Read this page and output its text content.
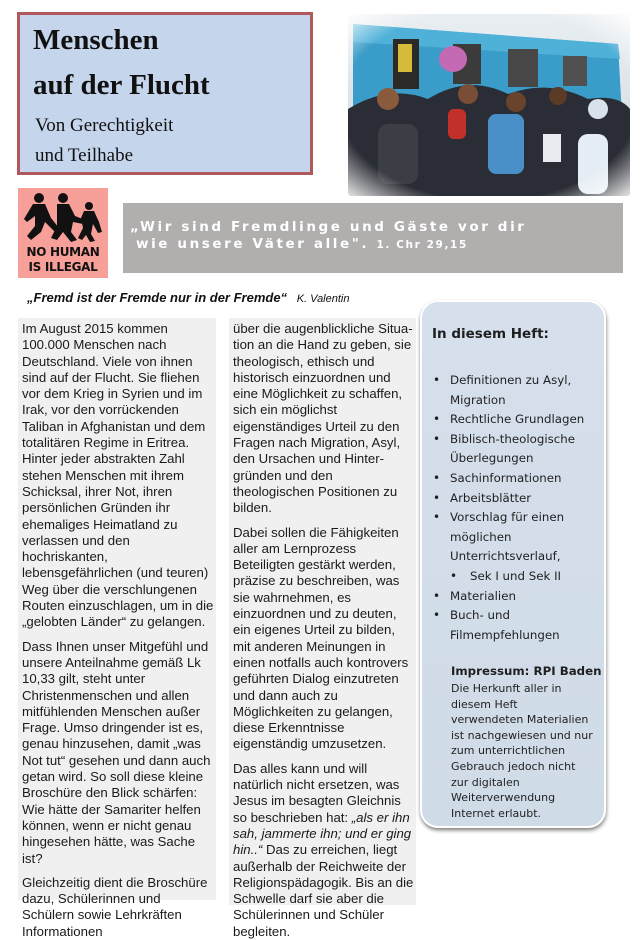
Menschen
auf der Flucht
Von Gerechtigkeit
und Teilhabe
NO HUMAN
IS ILLEGAL
„Wir sind Fremdlinge und Gäste vor dir
wie unsere Väter alle". 1. Chr 29,15
„Fremd ist der Fremde nur in der Fremde“ K. Valentin

Im August 2015 kommen 100.000 Menschen nach Deutschland. Viele von ihnen sind auf der Flucht. Sie fliehen vor dem Krieg in Syrien und im Irak, vor den vorrückenden Taliban in Afghanistan und dem totalitären Regime in Eritrea. Hinter jeder abstrakten Zahl stehen Menschen mit ihrem Schicksal, ihrer Not, ihren persönlichen Gründen ihr ehemaliges Heimatland zu verlassen und den hochriskanten, lebensgefährlichen (und teuren) Weg über die verschlungenen Routen einzuschlagen, um in die „gelobten Länder“ zu gelangen.

Dass Ihnen unser Mitgefühl und unsere Anteilnahme gemäß Lk 10,33 gilt, steht unter Christenmenschen und allen mitfühlenden Menschen außer Frage. Umso dringender ist es, genau hinzusehen, damit „was Not tut“ gesehen und dann auch getan wird. So soll diese kleine Broschüre den Blick schärfen: Wie hätte der Samariter helfen können, wenn er nicht genau hingesehen hätte, was Sache ist?

Gleichzeitig dient die Broschüre dazu, Schülerinnen und Schülern sowie Lehrkräften Informationen

über die augenblickliche Situa-
tion an die Hand zu geben, sie theologisch, ethisch und historisch einzuordnen und eine Möglichkeit zu schaffen, sich ein möglichst eigenständiges Urteil zu den Fragen nach Migration, Asyl, den Ursachen und Hinter-
gründen und den theologischen Positionen zu bilden.

Dabei sollen die Fähigkeiten aller am Lernprozess Beteiligten gestärkt werden, präzise zu beschreiben, was sie wahrnehmen, es einzuordnen und zu deuten, ein eigenes Urteil zu bilden, mit anderen Meinungen in einen notfalls auch kontrovers geführten Dialog einzutreten und dann auch zu Möglichkeiten zu gelangen, diese Erkenntnisse eigenständig umzusetzen.

Das alles kann und will natürlich nicht ersetzen, was Jesus im besagten Gleichnis so beschrieben hat: „als er ihn sah, jammerte ihn; und er ging hin..“ Das zu erreichen, liegt außerhalb der Reichweite der Religionspädagogik. Bis an die Schwelle darf sie aber die Schülerinnen und Schüler begleiten.

In diesem Heft:
• Definitionen zu Asyl, Migration
• Rechtliche Grundlagen
• Biblisch-theologische Überlegungen
• Sachinformationen
• Arbeitsblätter
• Vorschlag für einen möglichen Unterrichtsverlauf,
• Sek I und Sek II
• Materialien
• Buch- und Filmempfehlungen
Impressum: RPI Baden
Die Herkunft aller in
diesem Heft
verwendeten Materialien
ist nachgewiesen und nur
zum unterrichtlichen
Gebrauch jedoch nicht
zur digitalen
Weiterverwendung
Internet erlaubt.
